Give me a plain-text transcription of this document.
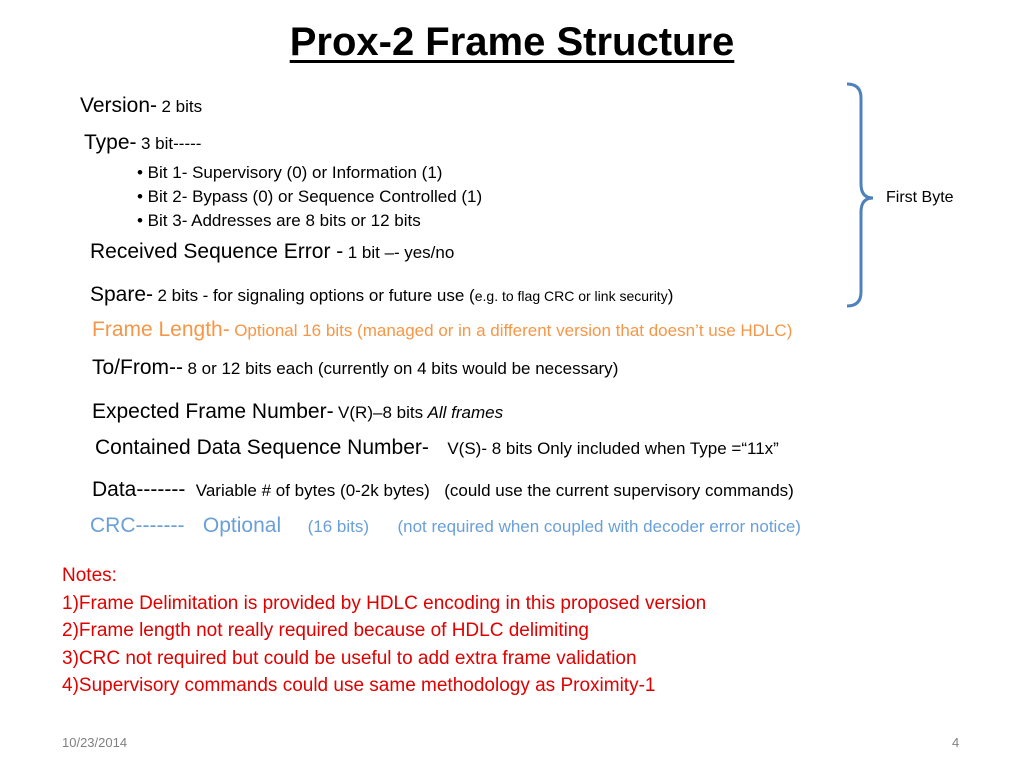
Prox-2 Frame Structure
Version- 2 bits
Type- 3 bit-----
• Bit 1- Supervisory (0) or Information (1)
• Bit 2- Bypass (0) or Sequence Controlled (1)
• Bit 3- Addresses are 8 bits or 12 bits
Received Sequence Error - 1 bit –- yes/no
Spare- 2 bits - for signaling options or future use (e.g. to flag CRC or link security)
Frame Length- Optional 16 bits (managed or in a different version that doesn’t use HDLC)
To/From-- 8 or 12 bits each (currently on 4 bits would be necessary)
Expected Frame Number- V(R)–8 bits All frames
Contained Data Sequence Number- V(S)- 8 bits Only included when Type =“11x”
Data------- Variable # of bytes (0-2k bytes) (could use the current supervisory commands)
CRC------- Optional (16 bits) (not required when coupled with decoder error notice)
First Byte
Notes:
1)Frame Delimitation is provided by HDLC encoding in this proposed version
2)Frame length not really required because of HDLC delimiting
3)CRC not required but could be useful to add extra frame validation
4)Supervisory commands could use same methodology as Proximity-1
10/23/2014	4
